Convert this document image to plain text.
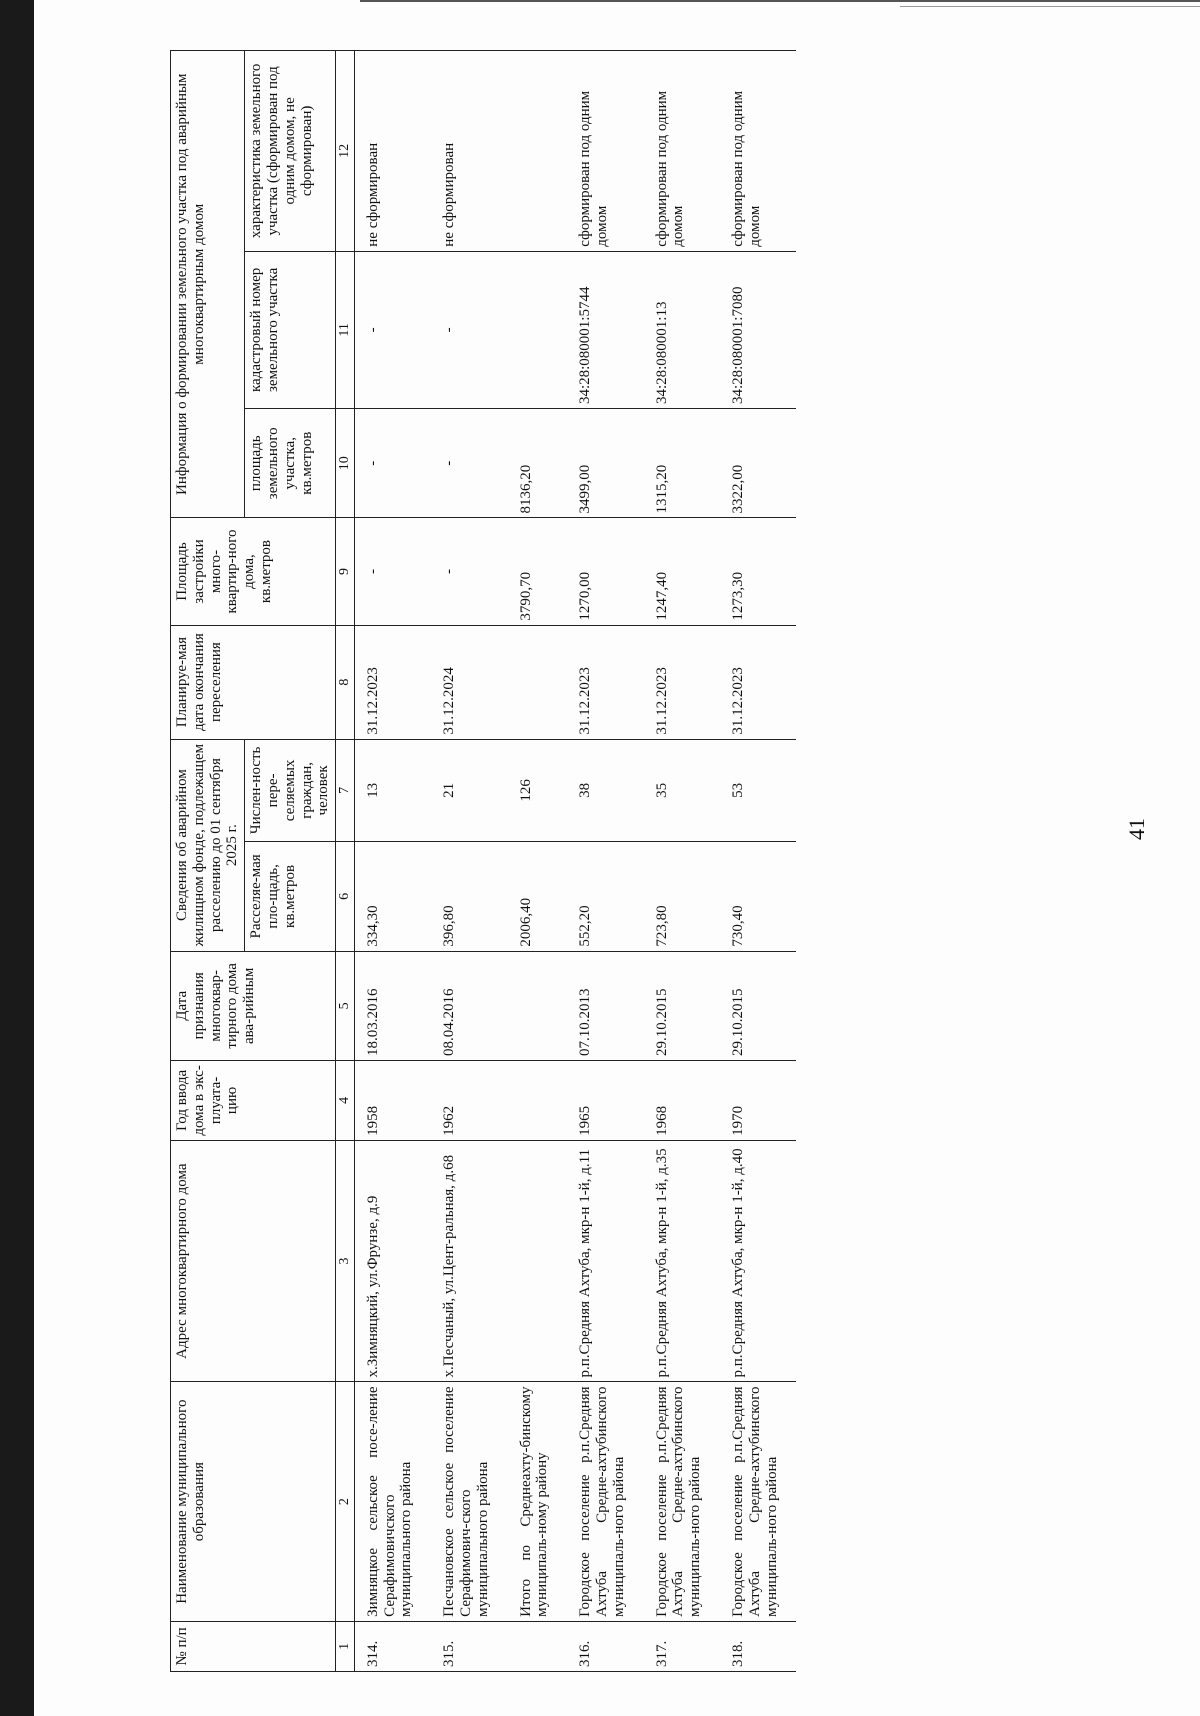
41
№ п/п	Наименование муниципального образования	Адрес многоквартирного дома	Год ввода дома в экс-плуата-цию	Дата признания многоквар-тирного дома ава-рийным	Сведения об аварийном жилищном фонде, подлежащем расселению до 01 сентября 2025 г.		Планируе-мая дата окончания переселения	Площадь застройки много-квартир-ного дома, кв.метров	Информация о формировании земельного участка под аварийным многоквартирным домом		
					Расселяе-мая пло-щадь, кв.метров	Числен-ность пере-селяемых граждан, человек			площадь земельного участка, кв.метров	кадастровый номер земельного участка	характеристика земельного участка (сформирован под одним домом, не сформирован)
1	2	3	4	5	6	7	8	9	10	11	12
314.	Зимняцкое сельское посе-ление Серафимовичского муниципального района	х.Зимняцкий, ул.Фрунзе, д.9	1958	18.03.2016	334,30	13	31.12.2023	-	-	-	не сформирован
315.	Песчановское сельское поселение Серафимович-ского муниципального района	х.Песчаный, ул.Цент-ральная, д.68	1962	08.04.2016	396,80	21	31.12.2024	-	-	-	не сформирован
	Итого по Среднеахту-бинскому муниципаль-ному району				2006,40	126		3790,70	8136,20		
316.	Городское поселение р.п.Средняя Ахтуба Средне-ахтубинского муниципаль-ного района	р.п.Средняя Ахтуба, мкр-н 1-й, д.11	1965	07.10.2013	552,20	38	31.12.2023	1270,00	3499,00	34:28:080001:5744	сформирован под одним домом
317.	Городское поселение р.п.Средняя Ахтуба Средне-ахтубинского муниципаль-ного района	р.п.Средняя Ахтуба, мкр-н 1-й, д.35	1968	29.10.2015	723,80	35	31.12.2023	1247,40	1315,20	34:28:080001:13	сформирован под одним домом
318.	Городское поселение р.п.Средняя Ахтуба Средне-ахтубинского муниципаль-ного района	р.п.Средняя Ахтуба, мкр-н 1-й, д.40	1970	29.10.2015	730,40	53	31.12.2023	1273,30	3322,00	34:28:080001:7080	сформирован под одним домом
